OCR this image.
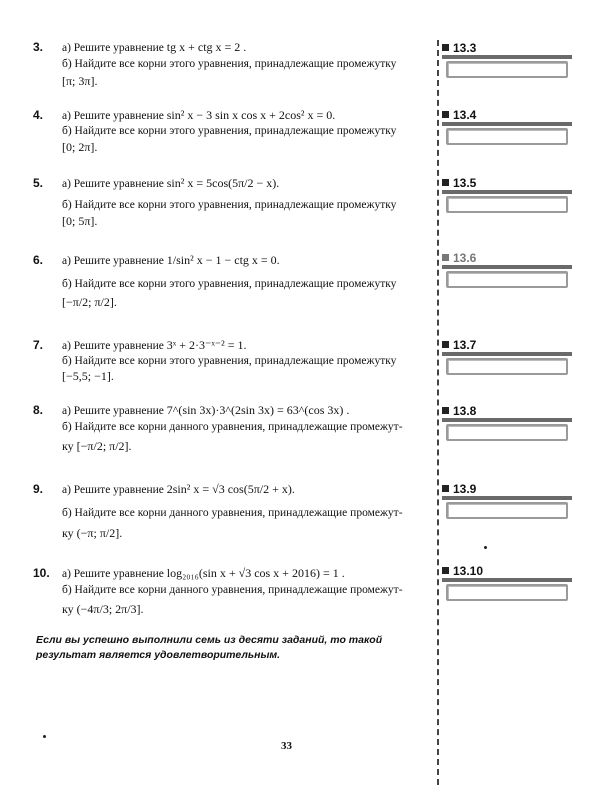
3. а) Решите уравнение tg x + ctg x = 2 .
б) Найдите все корни этого уравнения, принадлежащие промежутку
[π; 3π].
4. а) Решите уравнение sin² x − 3 sin x cos x + 2cos² x = 0.
б) Найдите все корни этого уравнения, принадлежащие промежутку
[0; 2π].
5. а) Решите уравнение sin² x = 5cos(5π/2 − x).
б) Найдите все корни этого уравнения, принадлежащие промежутку
[0; 5π].
6. а) Решите уравнение 1/sin² x − 1 − ctg x = 0.
б) Найдите все корни этого уравнения, принадлежащие промежутку
[−π/2; π/2].
7. а) Решите уравнение 3ˣ + 2·3⁻ˣ⁻² = 1.
б) Найдите все корни этого уравнения, принадлежащие промежутку
[−5,5; −1].
8. а) Решите уравнение 7^(sin 3x)·3^(2sin 3x) = 63^(cos 3x) .
б) Найдите все корни данного уравнения, принадлежащие промежут-
ку [−π/2; π/2].
9. а) Решите уравнение 2sin² x = √3 cos(5π/2 + x).
б) Найдите все корни данного уравнения, принадлежащие промежут-
ку (−π; π/2].
10. а) Решите уравнение log₂₀₁₆(sin x + √3 cos x + 2016) = 1 .
б) Найдите все корни данного уравнения, принадлежащие промежут-
ку (−4π/3; 2π/3].
13.3
13.4
13.5
13.6
13.7
13.8
13.9
13.10
Если вы успешно выполнили семь из десяти заданий, то такой результат является удовлетворительным.
33
